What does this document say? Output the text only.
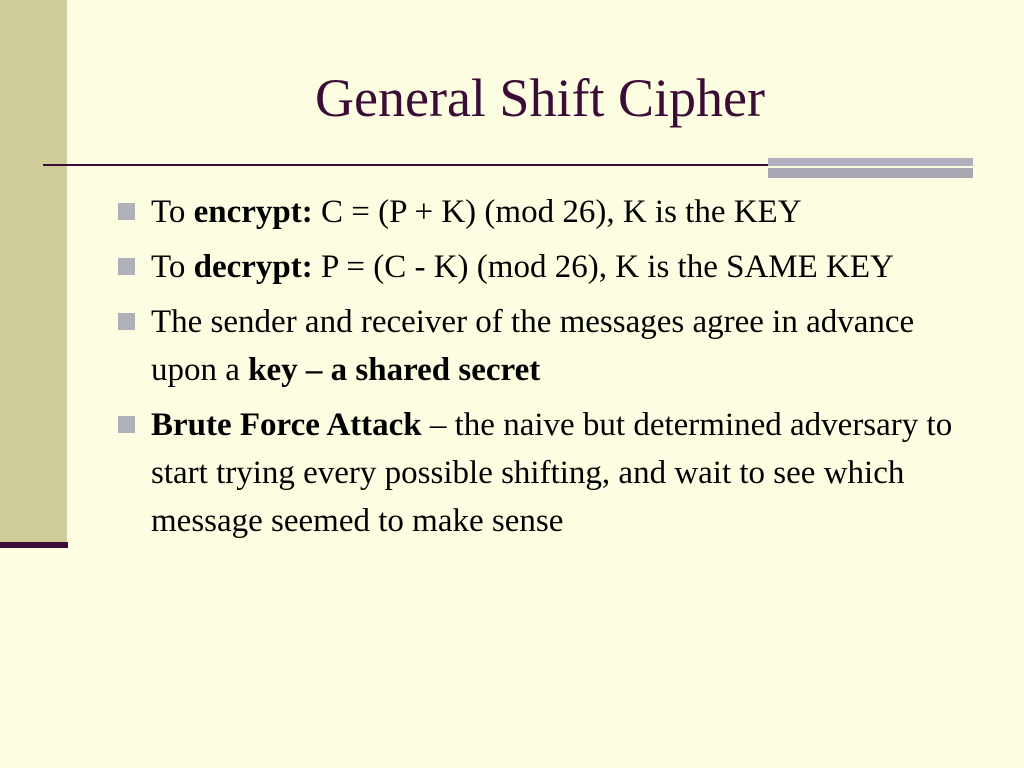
General Shift Cipher
To encrypt: C = (P + K) (mod 26), K is the KEY
To decrypt: P = (C - K) (mod 26), K is the SAME KEY
The sender and receiver of the messages agree in advance upon a key – a shared secret
Brute Force Attack – the naive but determined adversary to start trying every possible shifting, and wait to see which message seemed to make sense
